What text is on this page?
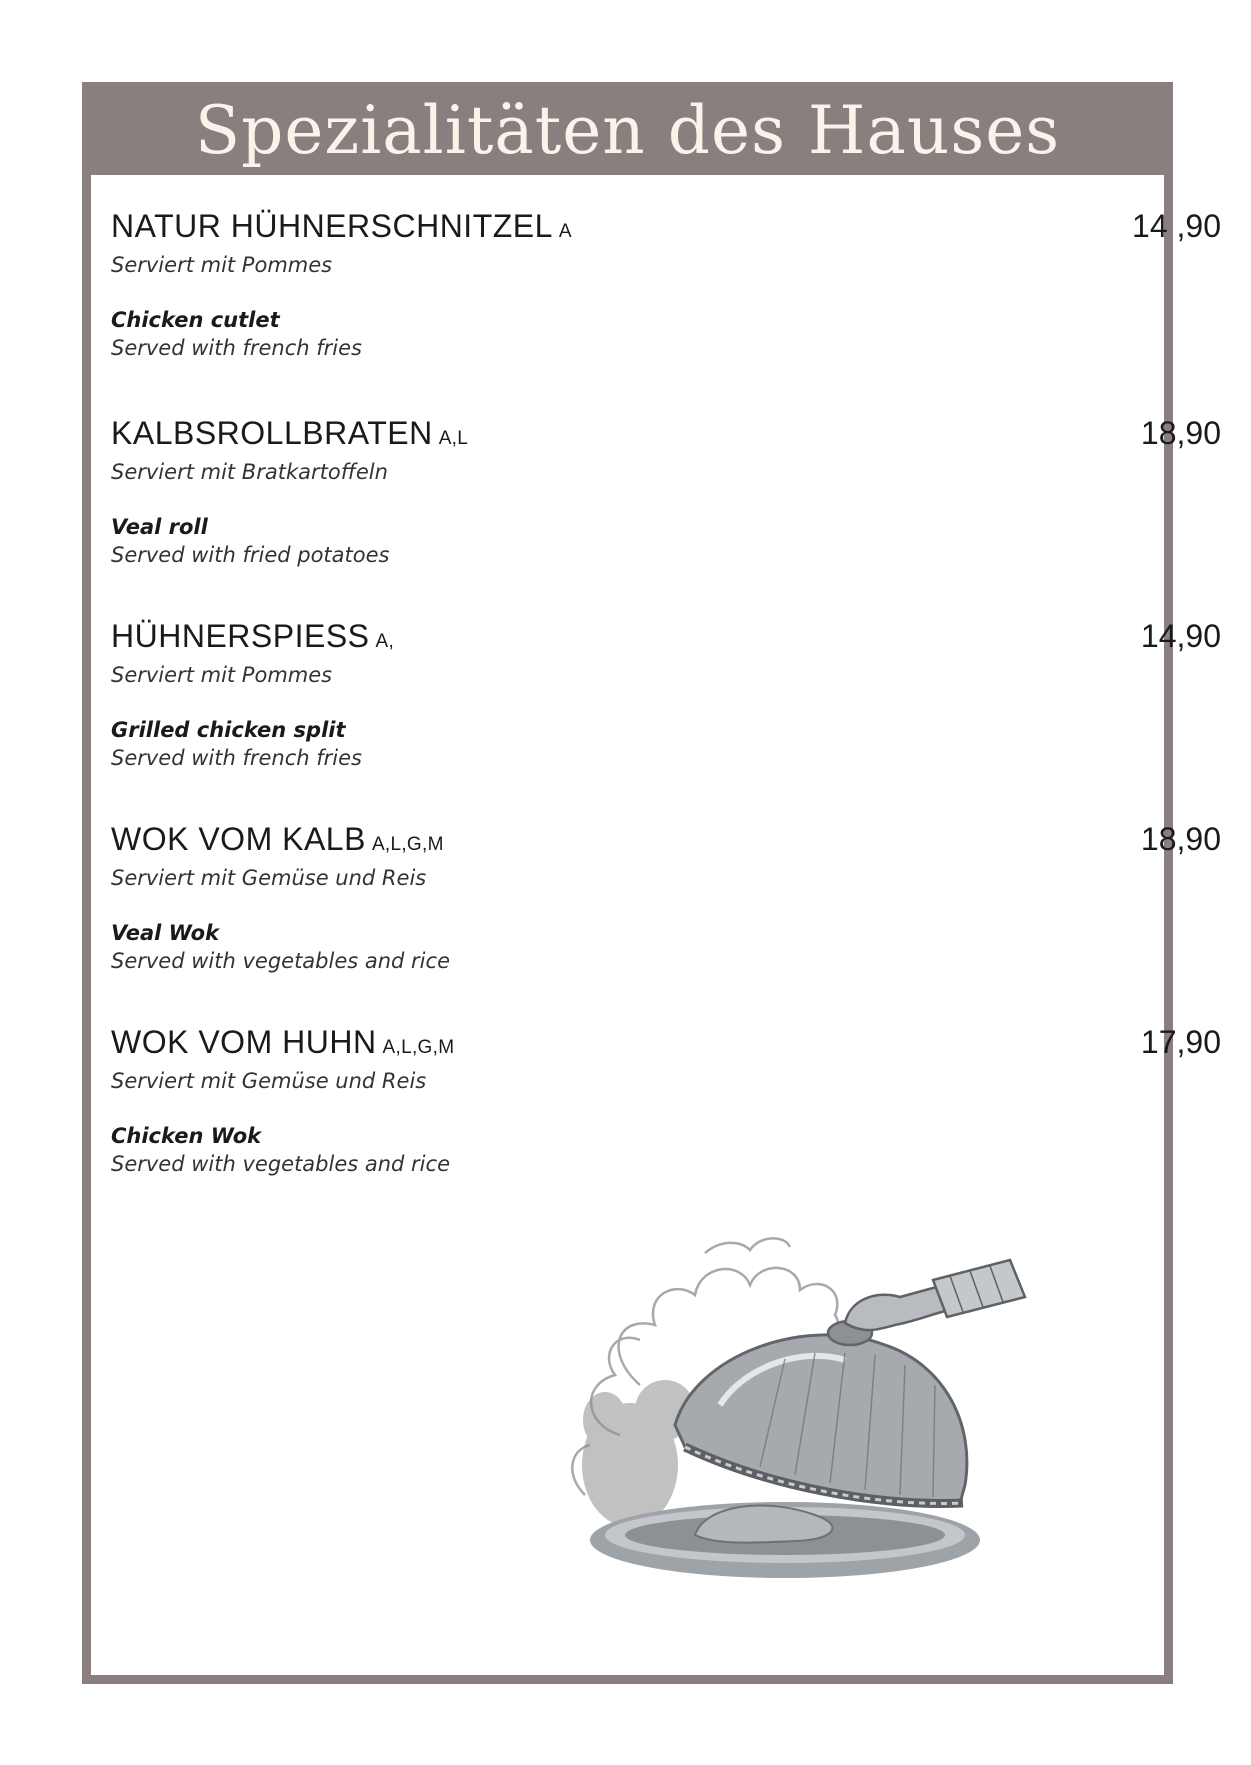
Spezialitäten des Hauses
NATUR HÜHNERSCHNITZEL A	14 ,90
Serviert mit Pommes
Chicken cutlet
Served with french fries
KALBSROLLBRATEN A,L	18,90
Serviert mit Bratkartoffeln
Veal roll
Served with fried potatoes
HÜHNERSPIESS A,	14,90
Serviert mit Pommes
Grilled chicken split
Served with french fries
WOK VOM KALB A,L,G,M	18,90
Serviert mit Gemüse und Reis
Veal Wok
Served with vegetables and rice
WOK VOM HUHN A,L,G,M	17,90
Serviert mit Gemüse und Reis
Chicken Wok
Served with vegetables and rice
